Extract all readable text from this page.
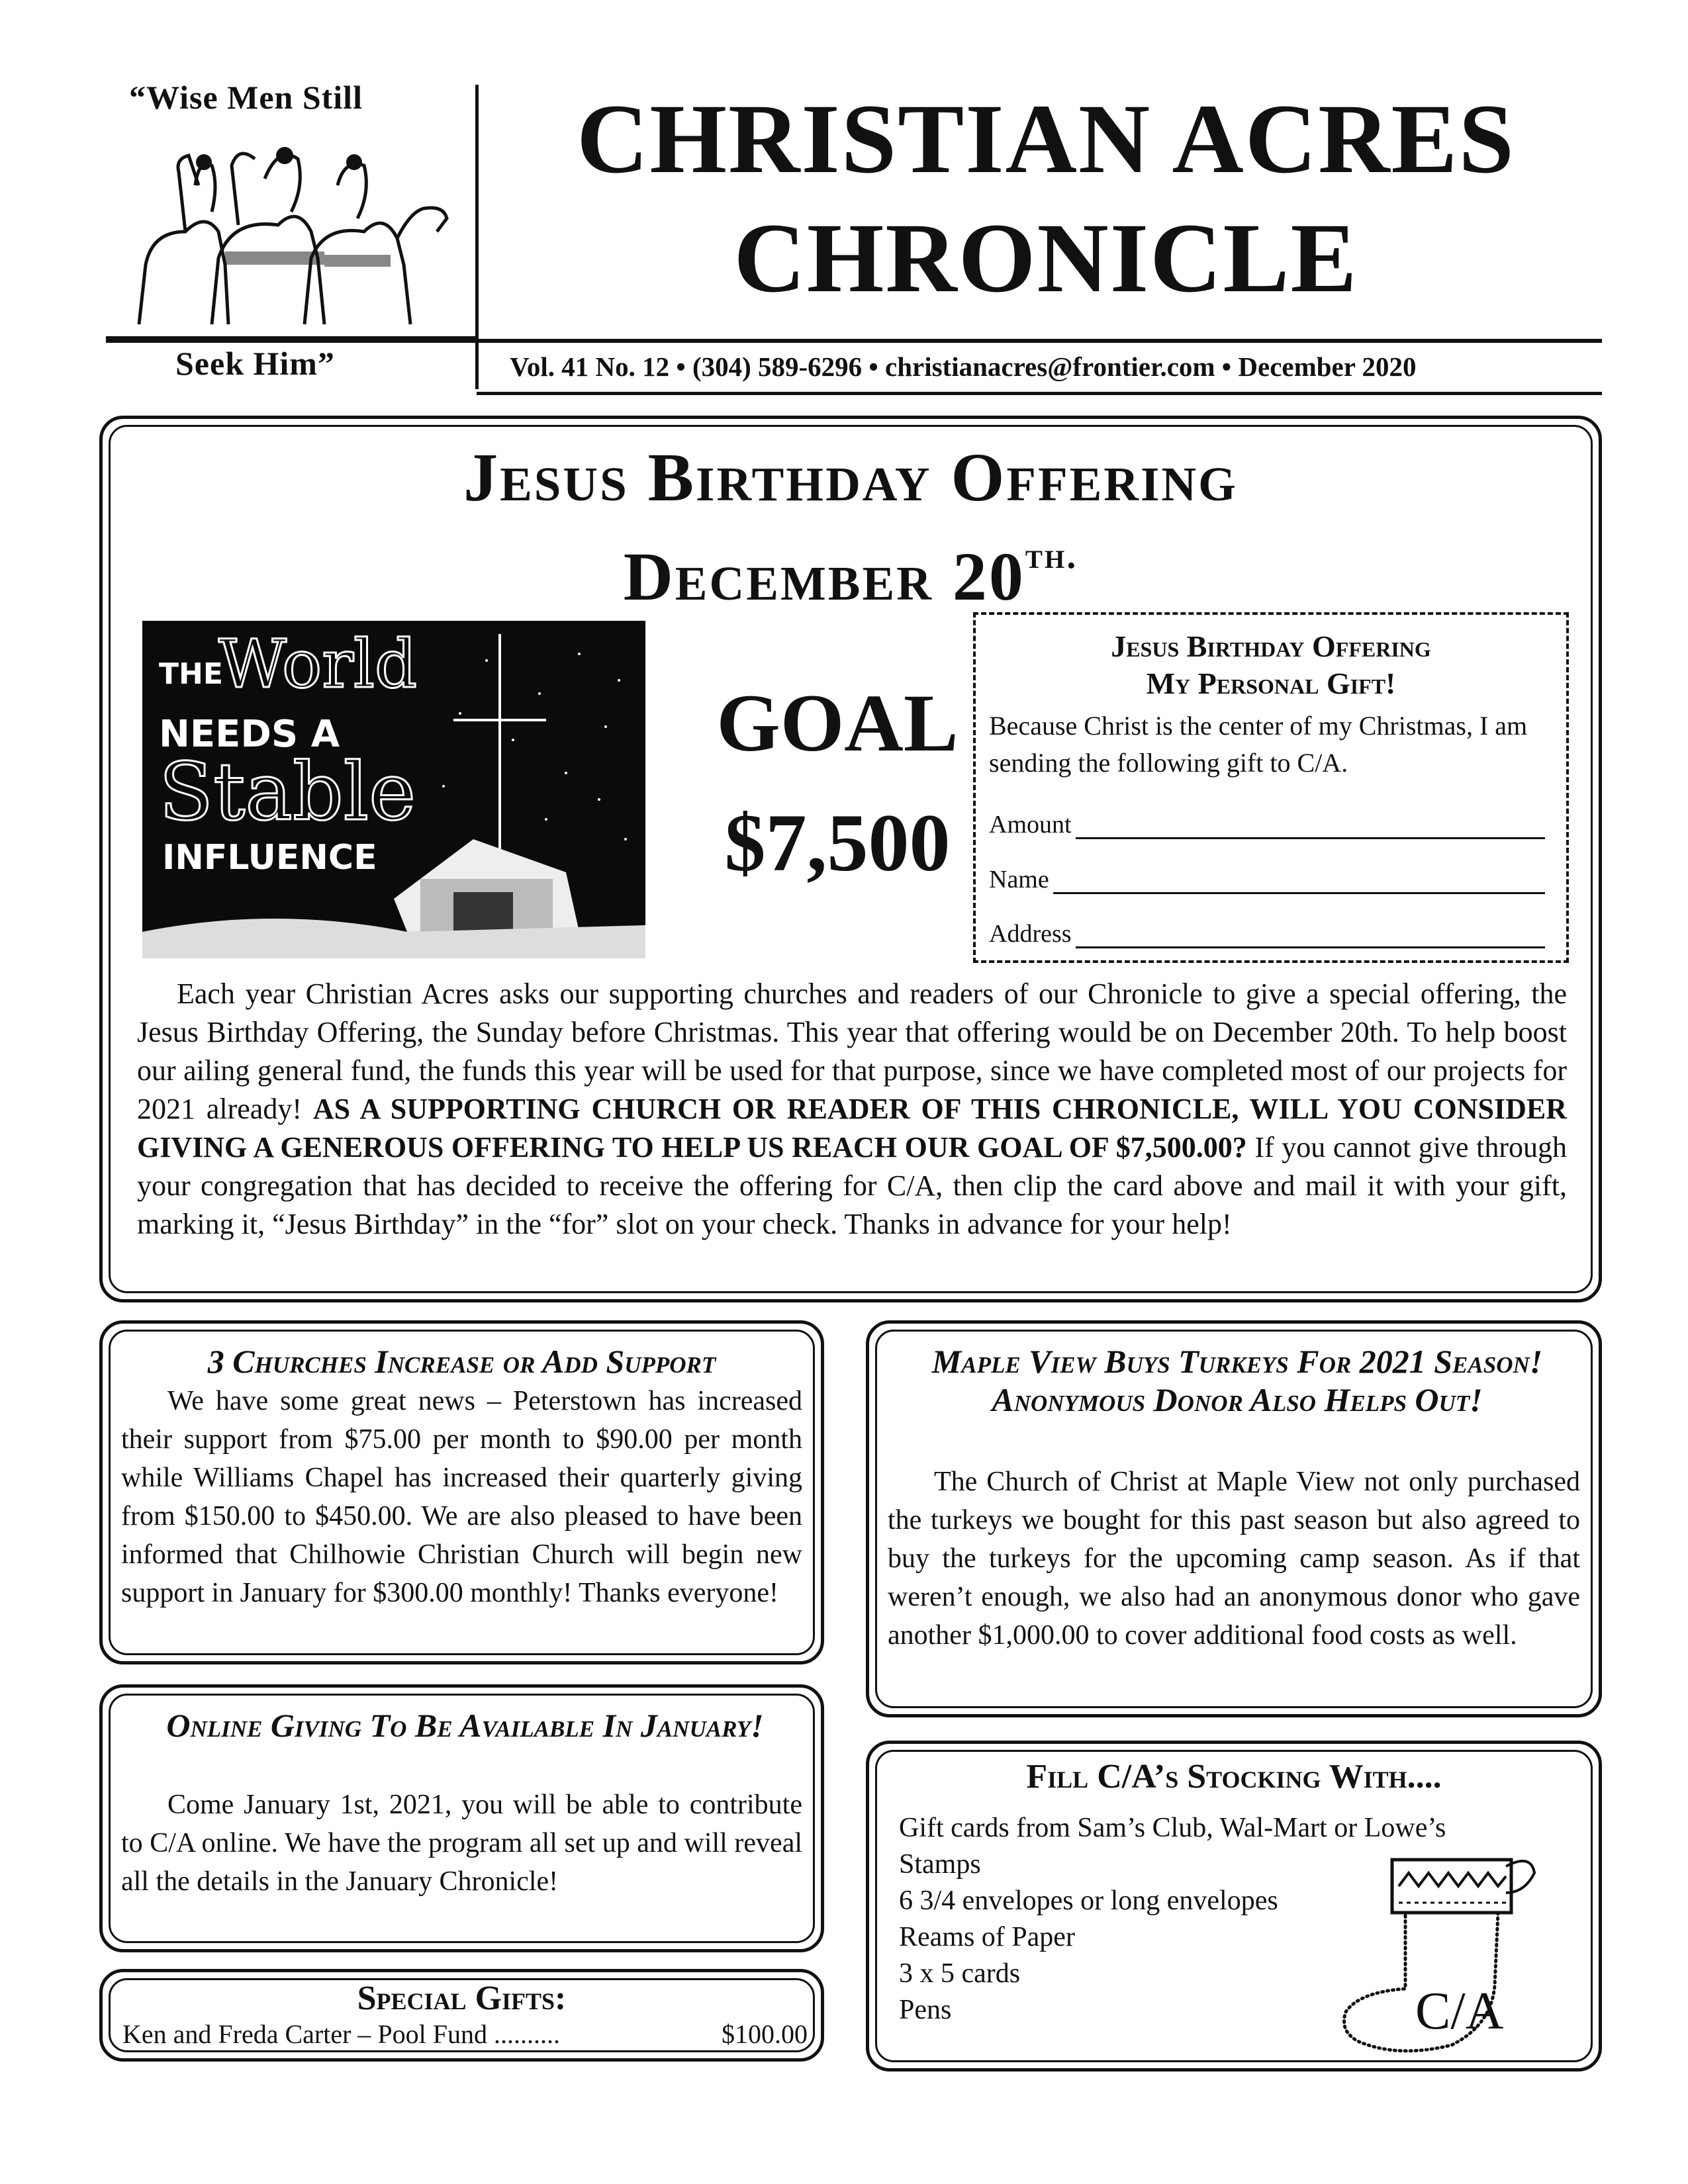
“Wise Men Still
Seek Him”
CHRISTIAN ACRES
CHRONICLE
Vol. 41 No. 12 • (304) 589-6296 • christianacres@frontier.com • December 2020
Jesus Birthday Offering
December $20^{th.}$
THE
World
NEEDS A
Stable
INFLUENCE
GOAL
$7,500
Jesus Birthday Offering
My Personal Gift!
Because Christ is the center of my Christmas, I am sending the following gift to C/A.
Amount
Name
Address
Each year Christian Acres asks our supporting churches and readers of our Chronicle to give a special offering, the Jesus Birthday Offering, the Sunday before Christmas. This year that offering would be on December 20th. To help boost our ailing general fund, the funds this year will be used for that purpose, since we have completed most of our projects for 2021 already! AS A SUPPORTING CHURCH OR READER OF THIS CHRONICLE, WILL YOU CONSIDER GIVING A GENEROUS OFFERING TO HELP US REACH OUR GOAL OF $7,500.00? If you cannot give through your congregation that has decided to receive the offering for C/A, then clip the card above and mail it with your gift, marking it, “Jesus Birthday” in the “for” slot on your check. Thanks in advance for your help!
3 Churches Increase or Add Support
We have some great news – Peterstown has increased their support from $75.00 per month to $90.00 per month while Williams Chapel has increased their quarterly giving from $150.00 to $450.00. We are also pleased to have been informed that Chilhowie Christian Church will begin new support in January for $300.00 monthly! Thanks everyone!
Maple View Buys Turkeys For 2021 Season! Anonymous Donor Also Helps Out!
The Church of Christ at Maple View not only purchased the turkeys we bought for this past season but also agreed to buy the turkeys for the upcoming camp season. As if that weren’t enough, we also had an anonymous donor who gave another $1,000.00 to cover additional food costs as well.
Online Giving To Be Available In January!
Come January 1st, 2021, you will be able to contribute to C/A online. We have the program all set up and will reveal all the details in the January Chronicle!
Special Gifts:
Ken and Freda Carter – Pool Fund ..........	$100.00
Fill C/A’s Stocking With....
Gift cards from Sam’s Club, Wal-Mart or Lowe’s
Stamps
6 3/4 envelopes or long envelopes
Reams of Paper
3 x 5 cards
Pens	C/A
